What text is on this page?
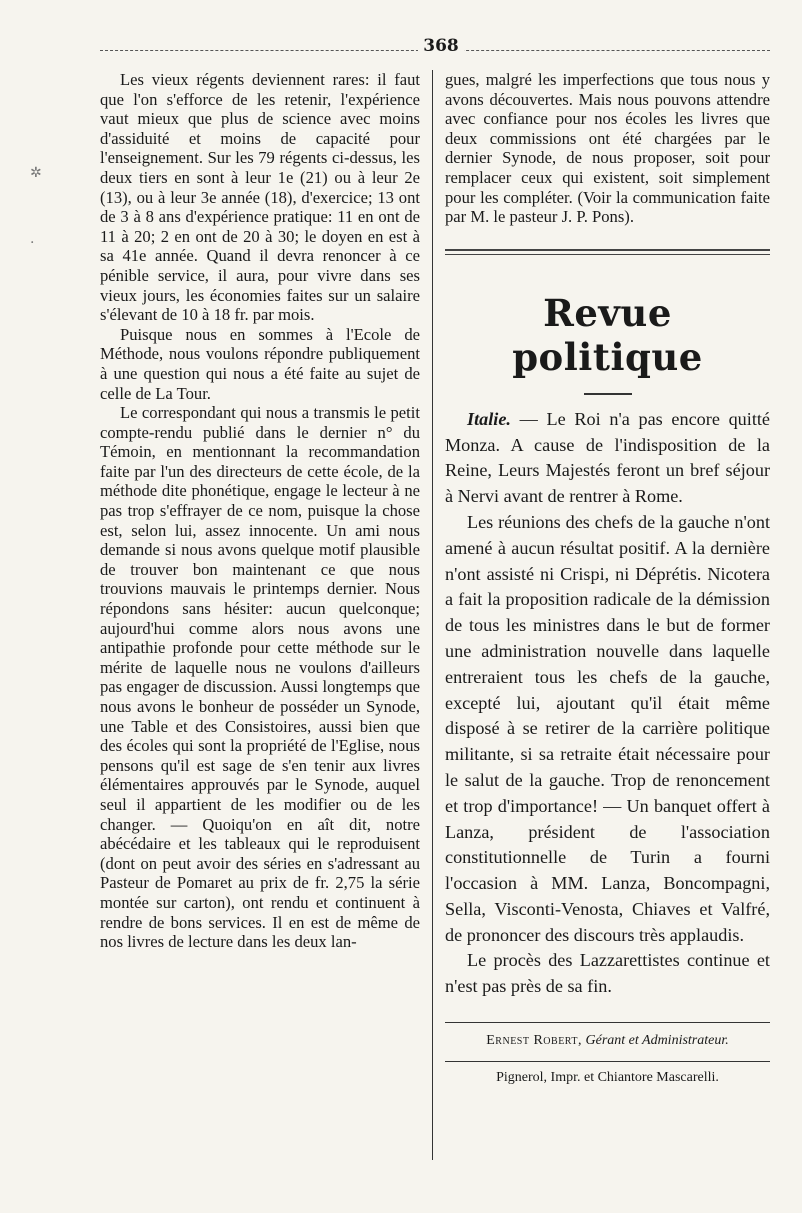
368
✲
·

Les vieux régents deviennent rares: il faut que l'on s'efforce de les retenir, l'expérience vaut mieux que plus de science avec moins d'assiduité et moins de capacité pour l'enseignement. Sur les 79 régents ci-dessus, les deux tiers en sont à leur 1e (21) ou à leur 2e (13), ou à leur 3e année (18), d'exercice; 13 ont de 3 à 8 ans d'expérience pratique: 11 en ont de 11 à 20; 2 en ont de 20 à 30; le doyen en est à sa 41e année. Quand il devra renoncer à ce pénible service, il aura, pour vivre dans ses vieux jours, les économies faites sur un salaire s'élevant de 10 à 18 fr. par mois.

Puisque nous en sommes à l'Ecole de Méthode, nous voulons répondre publiquement à une question qui nous a été faite au sujet de celle de La Tour.

Le correspondant qui nous a transmis le petit compte-rendu publié dans le dernier n° du Témoin, en mentionnant la recommandation faite par l'un des directeurs de cette école, de la méthode dite phonétique, engage le lecteur à ne pas trop s'effrayer de ce nom, puisque la chose est, selon lui, assez innocente. Un ami nous demande si nous avons quelque motif plausible de trouver bon maintenant ce que nous trouvions mauvais le printemps dernier. Nous répondons sans hésiter: aucun quelconque; aujourd'hui comme alors nous avons une antipathie profonde pour cette méthode sur le mérite de laquelle nous ne voulons d'ailleurs pas engager de discussion. Aussi longtemps que nous avons le bonheur de posséder un Synode, une Table et des Consistoires, aussi bien que des écoles qui sont la propriété de l'Eglise, nous pensons qu'il est sage de s'en tenir aux livres élémentaires approuvés par le Synode, auquel seul il appartient de les modifier ou de les changer. — Quoiqu'on en aît dit, notre abécédaire et les tableaux qui le reproduisent (dont on peut avoir des séries en s'adressant au Pasteur de Pomaret au prix de fr. 2,75 la série montée sur carton), ont rendu et continuent à rendre de bons services. Il en est de même de nos livres de lecture dans les deux lan-

gues, malgré les imperfections que tous nous y avons découvertes. Mais nous pouvons attendre avec confiance pour nos écoles les livres que deux commissions ont été chargées par le dernier Synode, de nous proposer, soit pour remplacer ceux qui existent, soit simplement pour les compléter. (Voir la communication faite par M. le pasteur J. P. Pons).

Revue politique

Italie. — Le Roi n'a pas encore quitté Monza. A cause de l'indisposition de la Reine, Leurs Majestés feront un bref séjour à Nervi avant de rentrer à Rome.

Les réunions des chefs de la gauche n'ont amené à aucun résultat positif. A la dernière n'ont assisté ni Crispi, ni Déprétis. Nicotera a fait la proposition radicale de la démission de tous les ministres dans le but de former une administration nouvelle dans laquelle entreraient tous les chefs de la gauche, excepté lui, ajoutant qu'il était même disposé à se retirer de la carrière politique militante, si sa retraite était nécessaire pour le salut de la gauche. Trop de renoncement et trop d'importance! — Un banquet offert à Lanza, président de l'association constitutionnelle de Turin a fourni l'occasion à MM. Lanza, Boncompagni, Sella, Visconti-Venosta, Chiaves et Valfré, de prononcer des discours très applaudis.

Le procès des Lazzarettistes continue et n'est pas près de sa fin.

Ernest Robert, Gérant et Administrateur.
Pignerol, Impr. et Chiantore Mascarelli.
